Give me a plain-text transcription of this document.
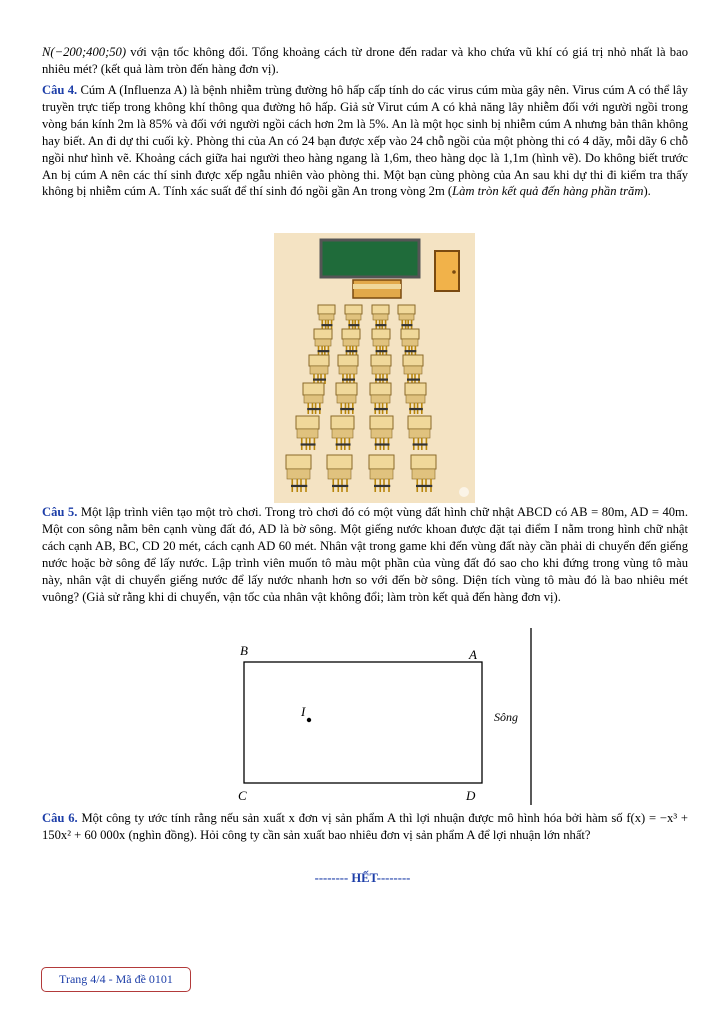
N(−200;400;50) với vận tốc không đổi. Tổng khoảng cách từ drone đến radar và kho chứa vũ khí có giá trị nhỏ nhất là bao nhiêu mét? (kết quả làm tròn đến hàng đơn vị).
Câu 4. Cúm A (Influenza A) là bệnh nhiễm trùng đường hô hấp cấp tính do các virus cúm mùa gây nên. Virus cúm A có thể lây truyền trực tiếp trong không khí thông qua đường hô hấp. Giả sử Virut cúm A có khả năng lây nhiễm đối với người ngồi trong vòng bán kính 2m là 85% và đối với người ngồi cách hơn 2m là 5%. An là một học sinh bị nhiễm cúm A nhưng bản thân không hay biết. An đi dự thi cuối kỳ. Phòng thi của An có 24 bạn được xếp vào 24 chỗ ngồi của một phòng thi có 4 dãy, mỗi dãy 6 chỗ ngồi như hình vẽ. Khoảng cách giữa hai người theo hàng ngang là 1,6m, theo hàng dọc là 1,1m (hình vẽ). Do không biết trước An bị cúm A nên các thí sinh được xếp ngẫu nhiên vào phòng thi. Một bạn cùng phòng của An sau khi dự thi đi kiểm tra thấy không bị nhiễm cúm A. Tính xác suất để thí sinh đó ngồi gần An trong vòng 2m (Làm tròn kết quả đến hàng phần trăm).
Câu 5. Một lập trình viên tạo một trò chơi. Trong trò chơi đó có một vùng đất hình chữ nhật ABCD có AB = 80m, AD = 40m. Một con sông nằm bên cạnh vùng đất đó, AD là bờ sông. Một giếng nước khoan được đặt tại điểm I nằm trong hình chữ nhật cách cạnh AB, BC, CD 20 mét, cách cạnh AD 60 mét. Nhân vật trong game khi đến vùng đất này cần phải di chuyển đến giếng nước hoặc bờ sông để lấy nước. Lập trình viên muốn tô màu một phần của vùng đất đó sao cho khi đứng trong vùng tô màu này, nhân vật di chuyển giếng nước để lấy nước nhanh hơn so với đến bờ sông. Diện tích vùng tô màu đó là bao nhiêu mét vuông? (Giả sử rằng khi di chuyển, vận tốc của nhân vật không đổi; làm tròn kết quả đến hàng đơn vị).
B	A
C	D
I	Sông
Câu 6. Một công ty ước tính rằng nếu sản xuất x đơn vị sản phẩm A thì lợi nhuận được mô hình hóa bởi hàm số f(x) = −x³ + 150x² + 60 000x (nghìn đồng). Hỏi công ty cần sản xuất bao nhiêu đơn vị sản phẩm A để lợi nhuận lớn nhất?
-------- HẾT--------
Trang 4/4 - Mã đề 0101
